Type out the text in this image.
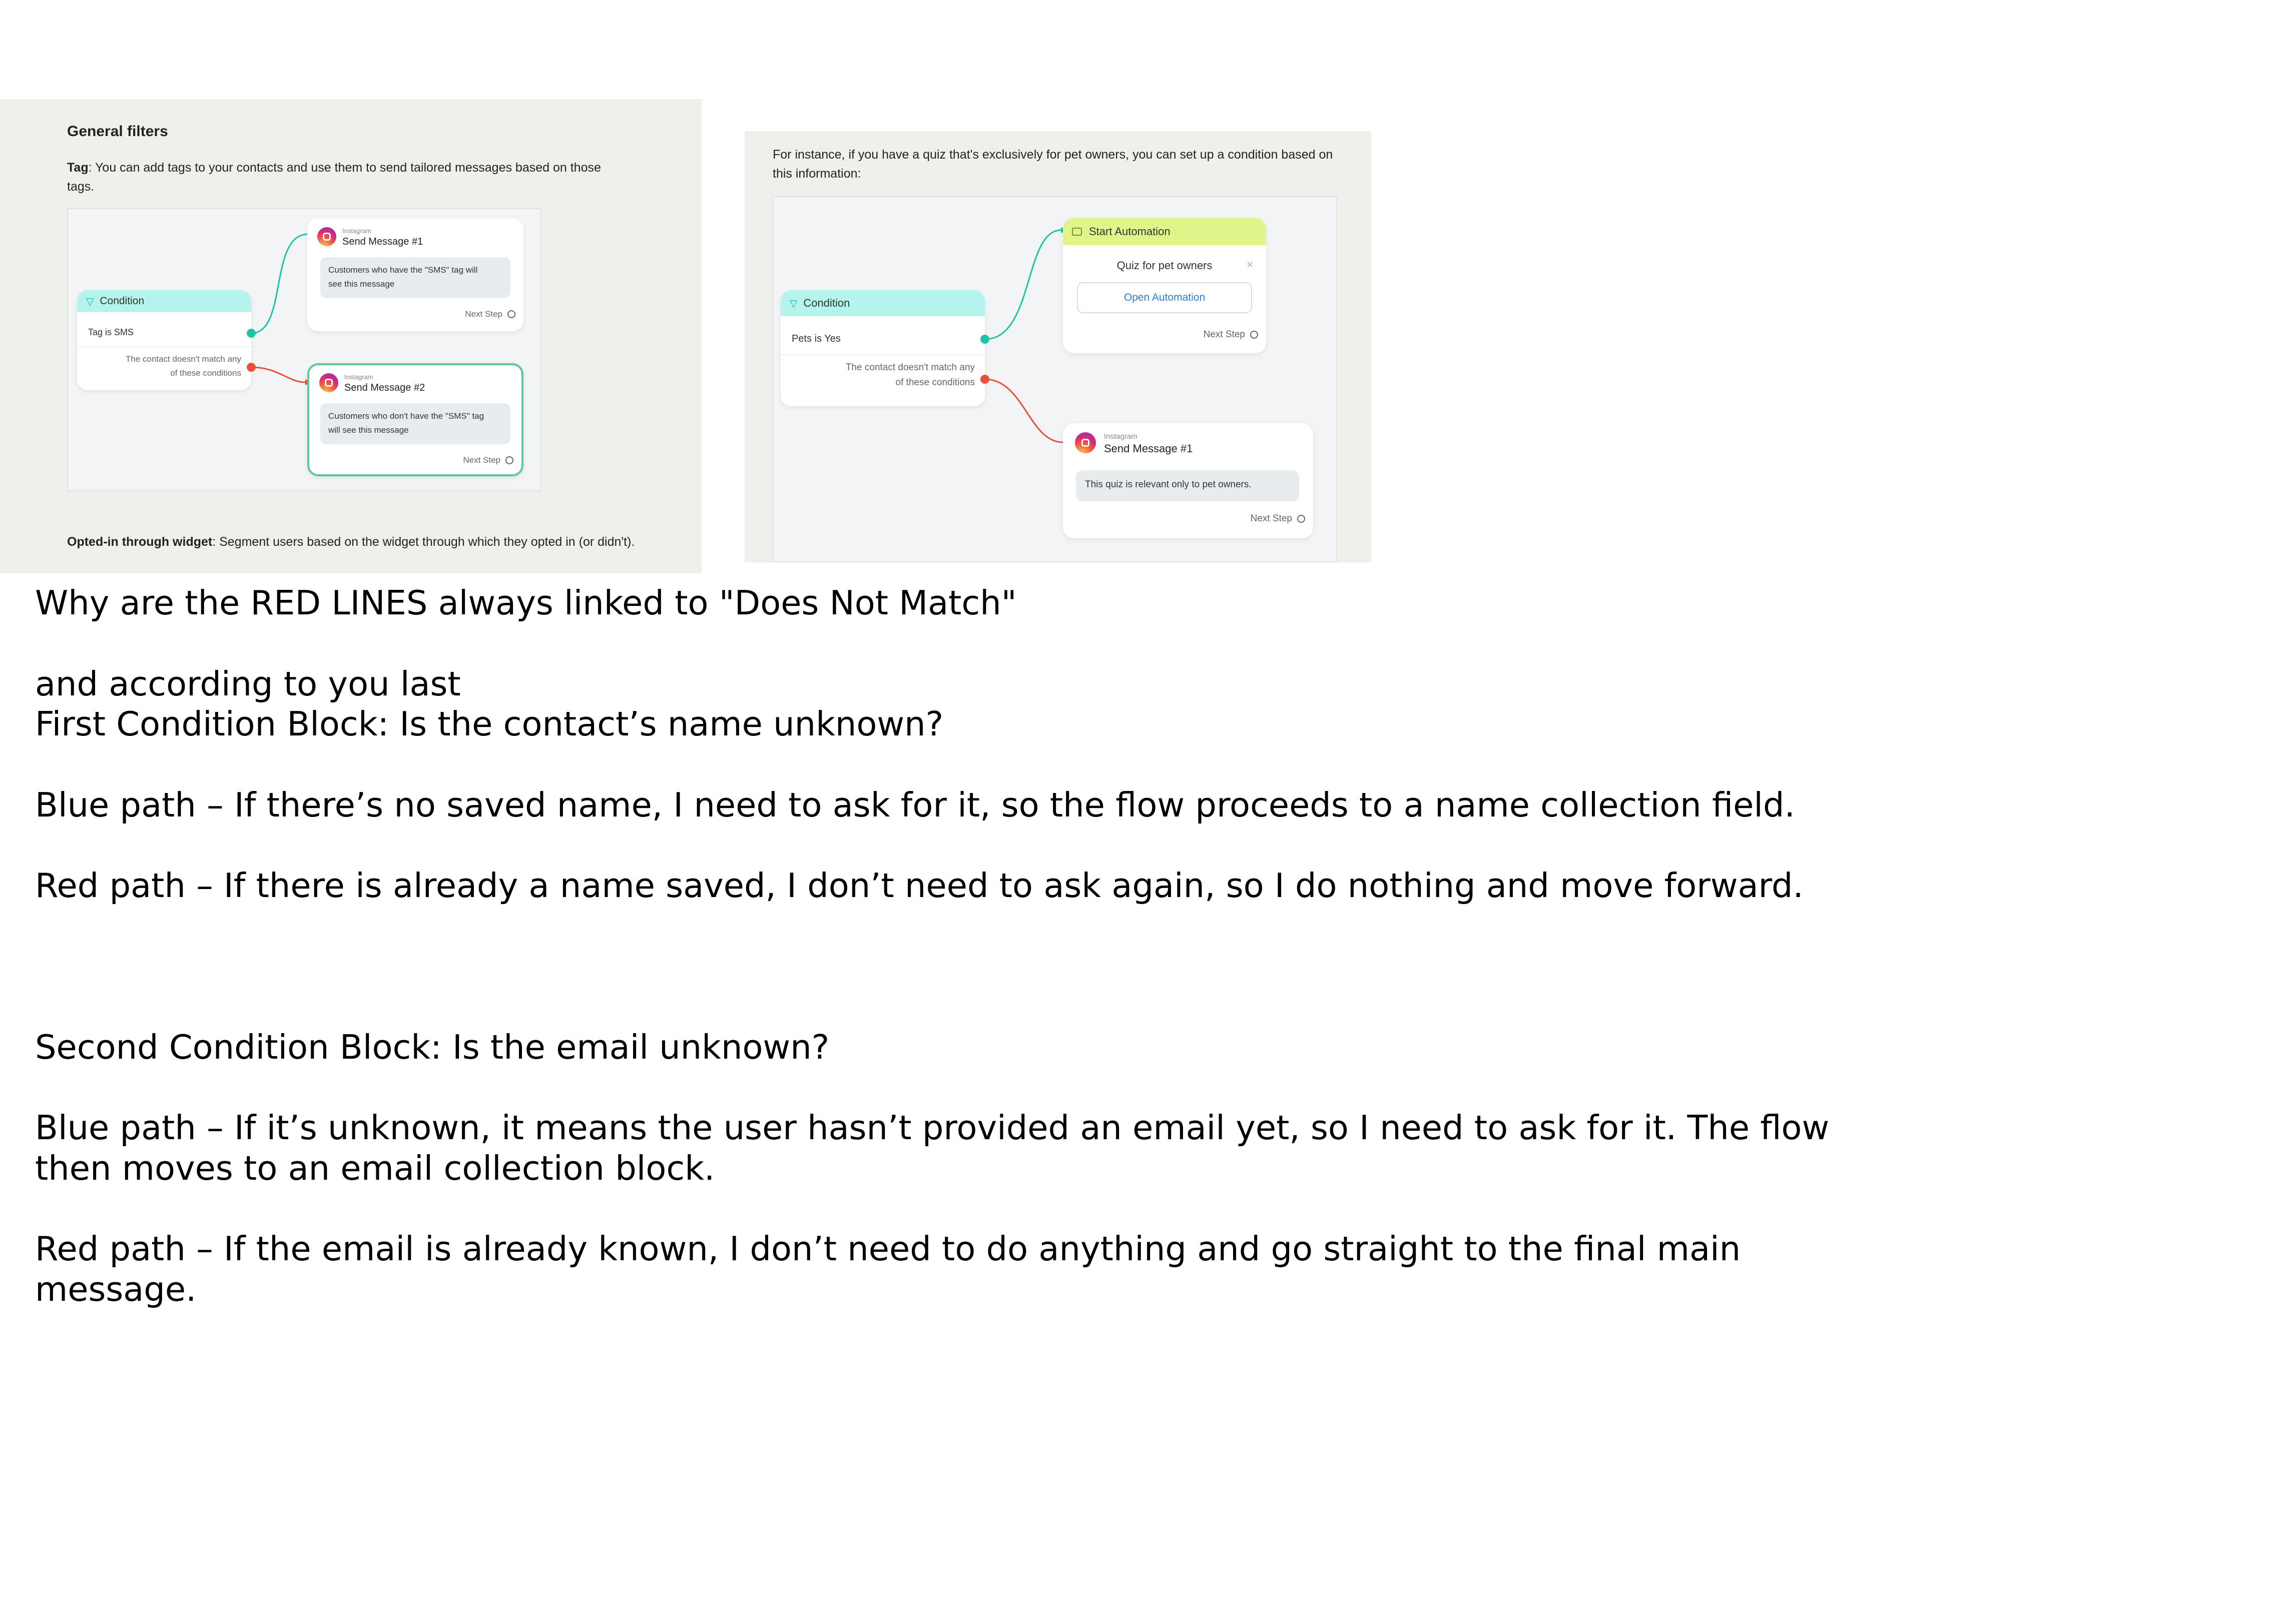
General filters
Tag: You can add tags to your contacts and use them to send tailored messages based on those tags.
▽ Condition
Tag is SMS
The contact doesn't match any
of these conditions
Instagram
Send Message #1
Customers who have the "SMS" tag will
see this message
Next Step
Instagram
Send Message #2
Customers who don't have the "SMS" tag
will see this message
Next Step
Opted-in through widget: Segment users based on the widget through which they opted in (or didn't).
For instance, if you have a quiz that's exclusively for pet owners, you can set up a condition based on this information:
▽ Condition
Pets is Yes
The contact doesn't match any
of these conditions
Start Automation
Quiz for pet owners	×
Open Automation
Next Step
Instagram
Send Message #1
This quiz is relevant only to pet owners.
Next Step
Why are the RED LINES always linked to "Does Not Match"
and according to you last
First Condition Block: Is the contact’s name unknown?
Blue path – If there’s no saved name, I need to ask for it, so the flow proceeds to a name collection field.
Red path – If there is already a name saved, I don’t need to ask again, so I do nothing and move forward.
Second Condition Block: Is the email unknown?
Blue path – If it’s unknown, it means the user hasn’t provided an email yet, so I need to ask for it. The flow
then moves to an email collection block.
Red path – If the email is already known, I don’t need to do anything and go straight to the final main
message.
